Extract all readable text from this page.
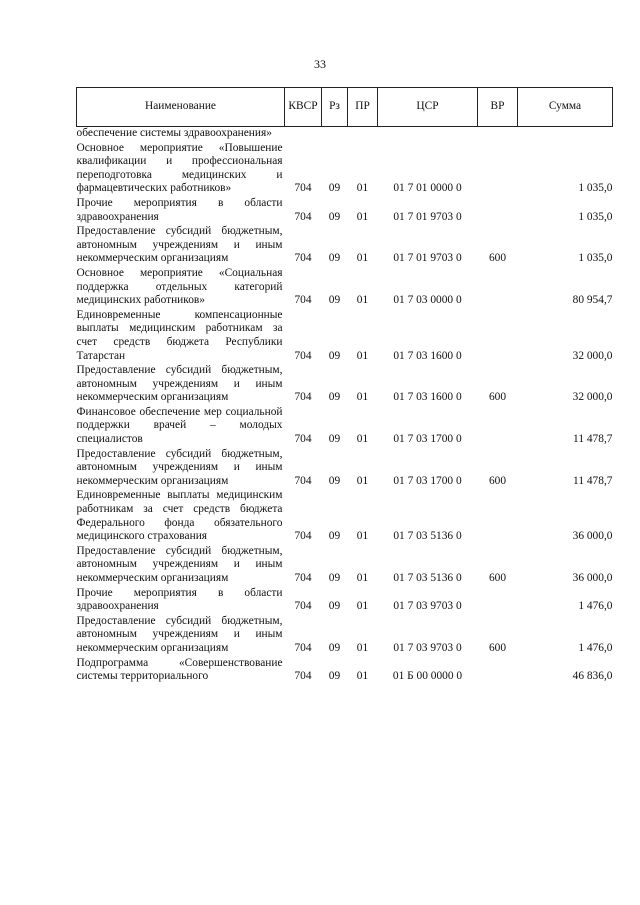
33
Наименование	КВСР	Рз	ПР	ЦСР	ВР	Сумма
обеспечение системы здравоохранения»						
Основное мероприятие «Повышение квалификации и профессиональная переподготовка медицинских и фармацевтических работников»	704	09	01	01 7 01 0000 0		1 035,0
Прочие мероприятия в области здравоохранения	704	09	01	01 7 01 9703 0		1 035,0
Предоставление субсидий бюджетным, автономным учреждениям и иным некоммерческим организациям	704	09	01	01 7 01 9703 0	600	1 035,0
Основное мероприятие «Социальная поддержка отдельных категорий медицинских работников»	704	09	01	01 7 03 0000 0		80 954,7
Единовременные компенсационные выплаты медицинским работникам за счет средств бюджета Республики Татарстан	704	09	01	01 7 03 1600 0		32 000,0
Предоставление субсидий бюджетным, автономным учреждениям и иным некоммерческим организациям	704	09	01	01 7 03 1600 0	600	32 000,0
Финансовое обеспечение мер социальной поддержки врачей – молодых специалистов	704	09	01	01 7 03 1700 0		11 478,7
Предоставление субсидий бюджетным, автономным учреждениям и иным некоммерческим организациям	704	09	01	01 7 03 1700 0	600	11 478,7
Единовременные выплаты медицинским работникам за счет средств бюджета Федерального фонда обязательного медицинского страхования	704	09	01	01 7 03 5136 0		36 000,0
Предоставление субсидий бюджетным, автономным учреждениям и иным некоммерческим организациям	704	09	01	01 7 03 5136 0	600	36 000,0
Прочие мероприятия в области здравоохранения	704	09	01	01 7 03 9703 0		1 476,0
Предоставление субсидий бюджетным, автономным учреждениям и иным некоммерческим организациям	704	09	01	01 7 03 9703 0	600	1 476,0
Подпрограмма «Совершенствование системы территориального	704	09	01	01 Б 00 0000 0		46 836,0
